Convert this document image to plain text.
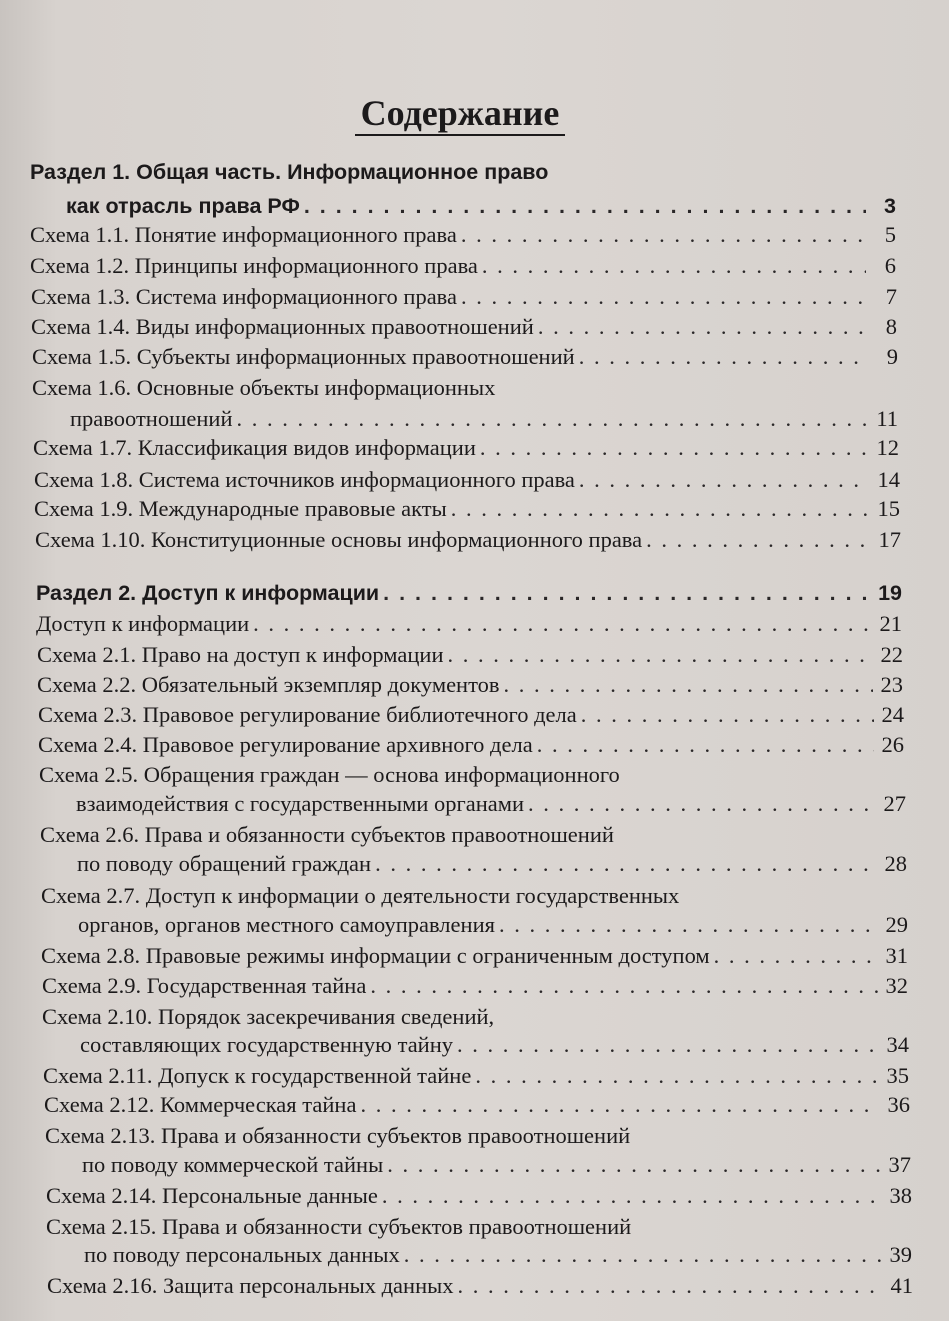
Содержание
Раздел 1. Общая часть. Информационное право
как отрасль права РФ . . .	3
Схема 1.1. Понятие информационного права . . .	5
Схема 1.2. Принципы информационного права . . .	6
Схема 1.3. Система информационного права . . .	7
Схема 1.4. Виды информационных правоотношений . . .	8
Схема 1.5. Субъекты информационных правоотношений . . .	9
Схема 1.6. Основные объекты информационных
правоотношений . . .	11
Схема 1.7. Классификация видов информации . . .	12
Схема 1.8. Система источников информационного права . . .	14
Схема 1.9. Международные правовые акты . . .	15
Схема 1.10. Конституционные основы информационного права . . .	17
Раздел 2. Доступ к информации . . .	19
Доступ к информации . . .	21
Схема 2.1. Право на доступ к информации . . .	22
Схема 2.2. Обязательный экземпляр документов . . .	23
Схема 2.3. Правовое регулирование библиотечного дела . . .	24
Схема 2.4. Правовое регулирование архивного дела . . .	26
Схема 2.5. Обращения граждан — основа информационного
взаимодействия с государственными органами . . .	27
Схема 2.6. Права и обязанности субъектов правоотношений
по поводу обращений граждан . . .	28
Схема 2.7. Доступ к информации о деятельности государственных
органов, органов местного самоуправления . . .	29
Схема 2.8. Правовые режимы информации с ограниченным доступом . . .	31
Схема 2.9. Государственная тайна . . .	32
Схема 2.10. Порядок засекречивания сведений,
составляющих государственную тайну . . .	34
Схема 2.11. Допуск к государственной тайне . . .	35
Схема 2.12. Коммерческая тайна . . .	36
Схема 2.13. Права и обязанности субъектов правоотношений
по поводу коммерческой тайны . . .	37
Схема 2.14. Персональные данные . . .	38
Схема 2.15. Права и обязанности субъектов правоотношений
по поводу персональных данных . . .	39
Схема 2.16. Защита персональных данных . . .	41
